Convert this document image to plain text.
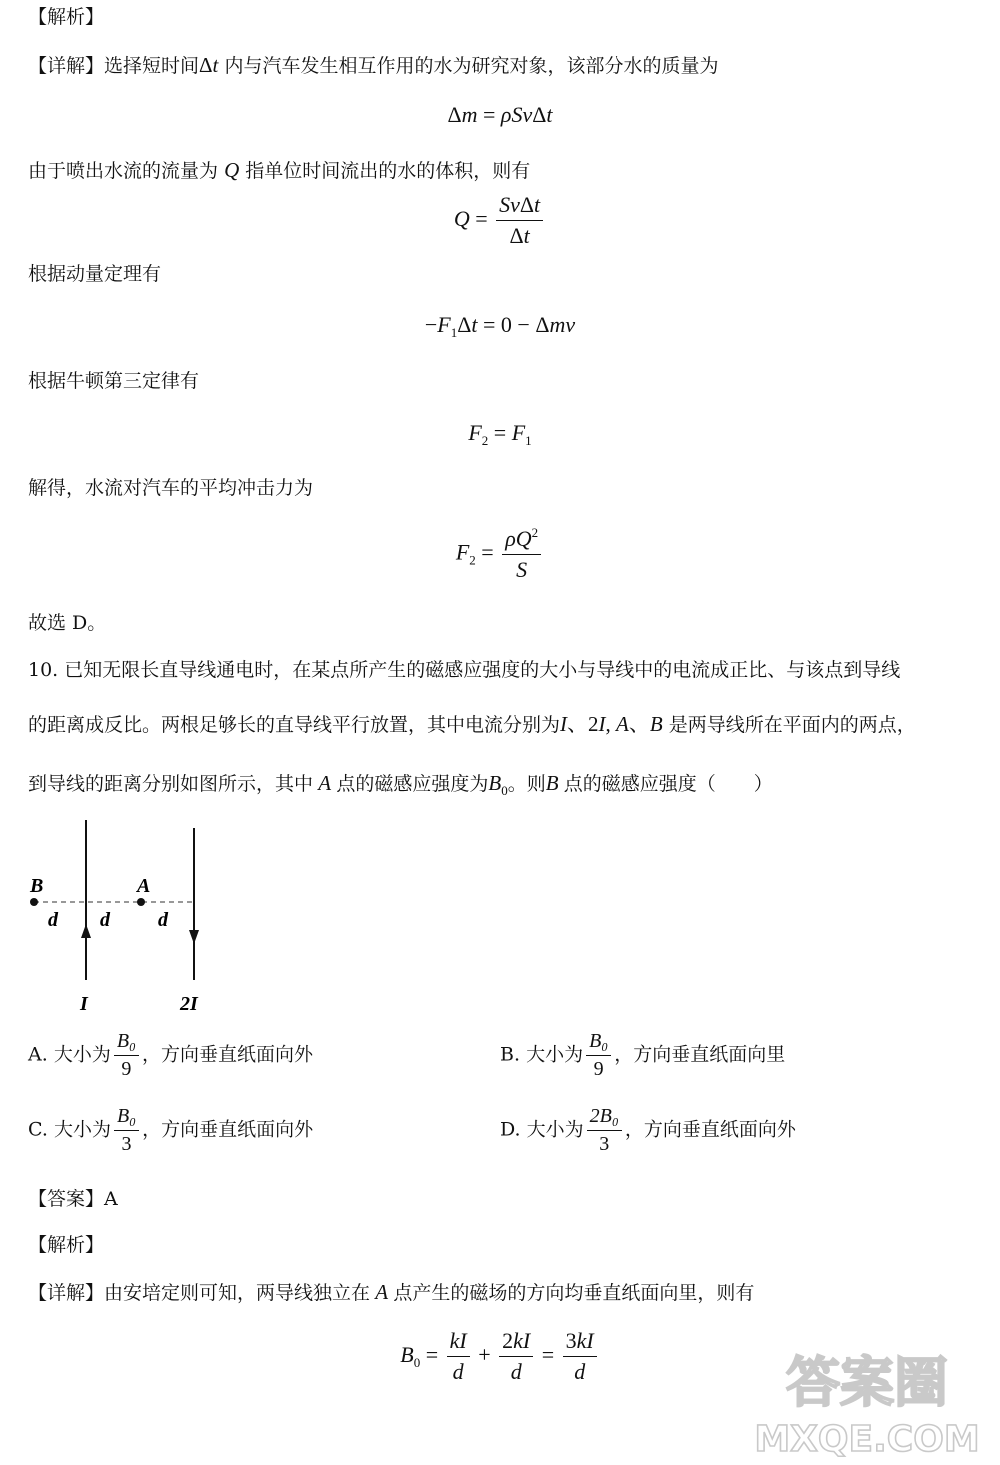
【解析】
【详解】选择短时间Δt 内与汽车发生相互作用的水为研究对象，该部分水的质量为
Δm = ρSvΔt
由于喷出水流的流量为 Q 指单位时间流出的水的体积，则有
$Q = \frac{\text{SvΔt}}{\Delta t}$
根据动量定理有
$-F_1\Delta t = 0 - \Delta mv$
根据牛顿第三定律有
$F_2 = F_1$
解得，水流对汽车的平均冲击力为
$F_2 = \frac{\rho Q^2}{S}$
故选 D。
10. 已知无限长直导线通电时，在某点所产生的磁感应强度的大小与导线中的电流成正比、与该点到导线
的距离成反比。两根足够长的直导线平行放置，其中电流分别为I、2I, A、B 是两导线所在平面内的两点，
到导线的距离分别如图所示，其中 A 点的磁感应强度为$B_0$。则B 点的磁感应强度（　　）
B	A
d d d
I	2I
A. 大小为 $\frac{\text{B₀}}{9}$ ，方向垂直纸面向外	B. 大小为 $\frac{\text{B₀}}{9}$ ，方向垂直纸面向里
C. 大小为 $\frac{\text{B₀}}{3}$ ，方向垂直纸面向外	D. 大小为 $\frac{\text{2B₀}}{3}$ ，方向垂直纸面向外
【答案】A
【解析】
【详解】由安培定则可知，两导线独立在 A 点产生的磁场的方向均垂直纸面向里，则有
$B_0 = \frac{kI}{d} + \frac{2kI}{d} = \frac{3kI}{d}$	答案圈
MXQE.COM
